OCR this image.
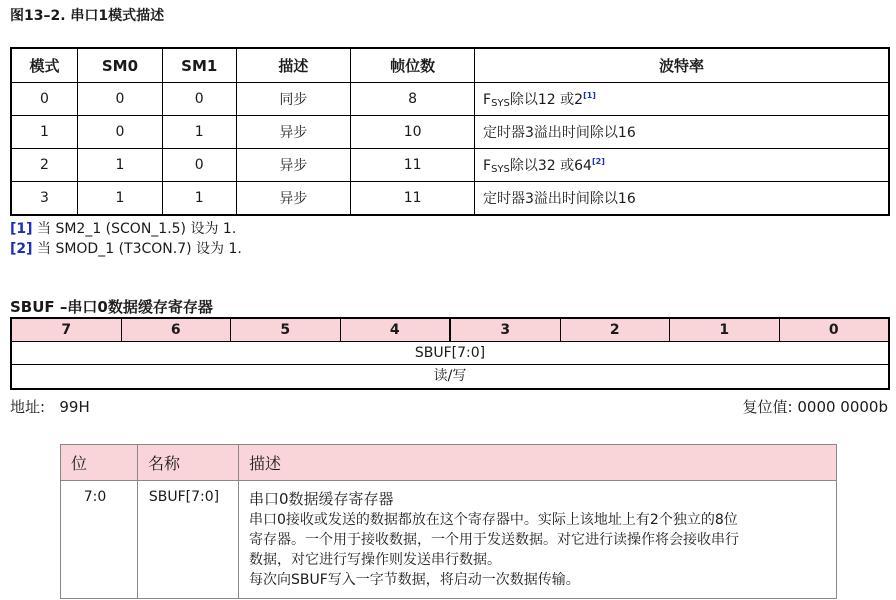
图13–2. 串口1模式描述
模式	SM0	SM1	描述	帧位数	波特率
0	0	0	同步	8	$F_{SYS}$除以12 或2[1]
1	0	1	异步	10	定时器3溢出时间除以16
2	1	0	异步	11	$F_{SYS}$除以32 或64[2]
3	1	1	异步	11	定时器3溢出时间除以16
[1] 当 SM2_1 (SCON_1.5) 设为 1.
[2] 当 SMOD_1 (T3CON.7) 设为 1.
SBUF –串口0数据缓存寄存器
7	6	5	4	3	2	1	0
SBUF[7:0]
读/写
地址: 99H	复位值: 0000 0000b
位	名称	描述
7:0	SBUF[7:0]	串口0数据缓存寄存器
串口0接收或发送的数据都放在这个寄存器中。实际上该地址上有2个独立的8位
寄存器。一个用于接收数据，一个用于发送数据。对它进行读操作将会接收串行
数据，对它进行写操作则发送串行数据。
每次向SBUF写入一字节数据，将启动一次数据传输。
